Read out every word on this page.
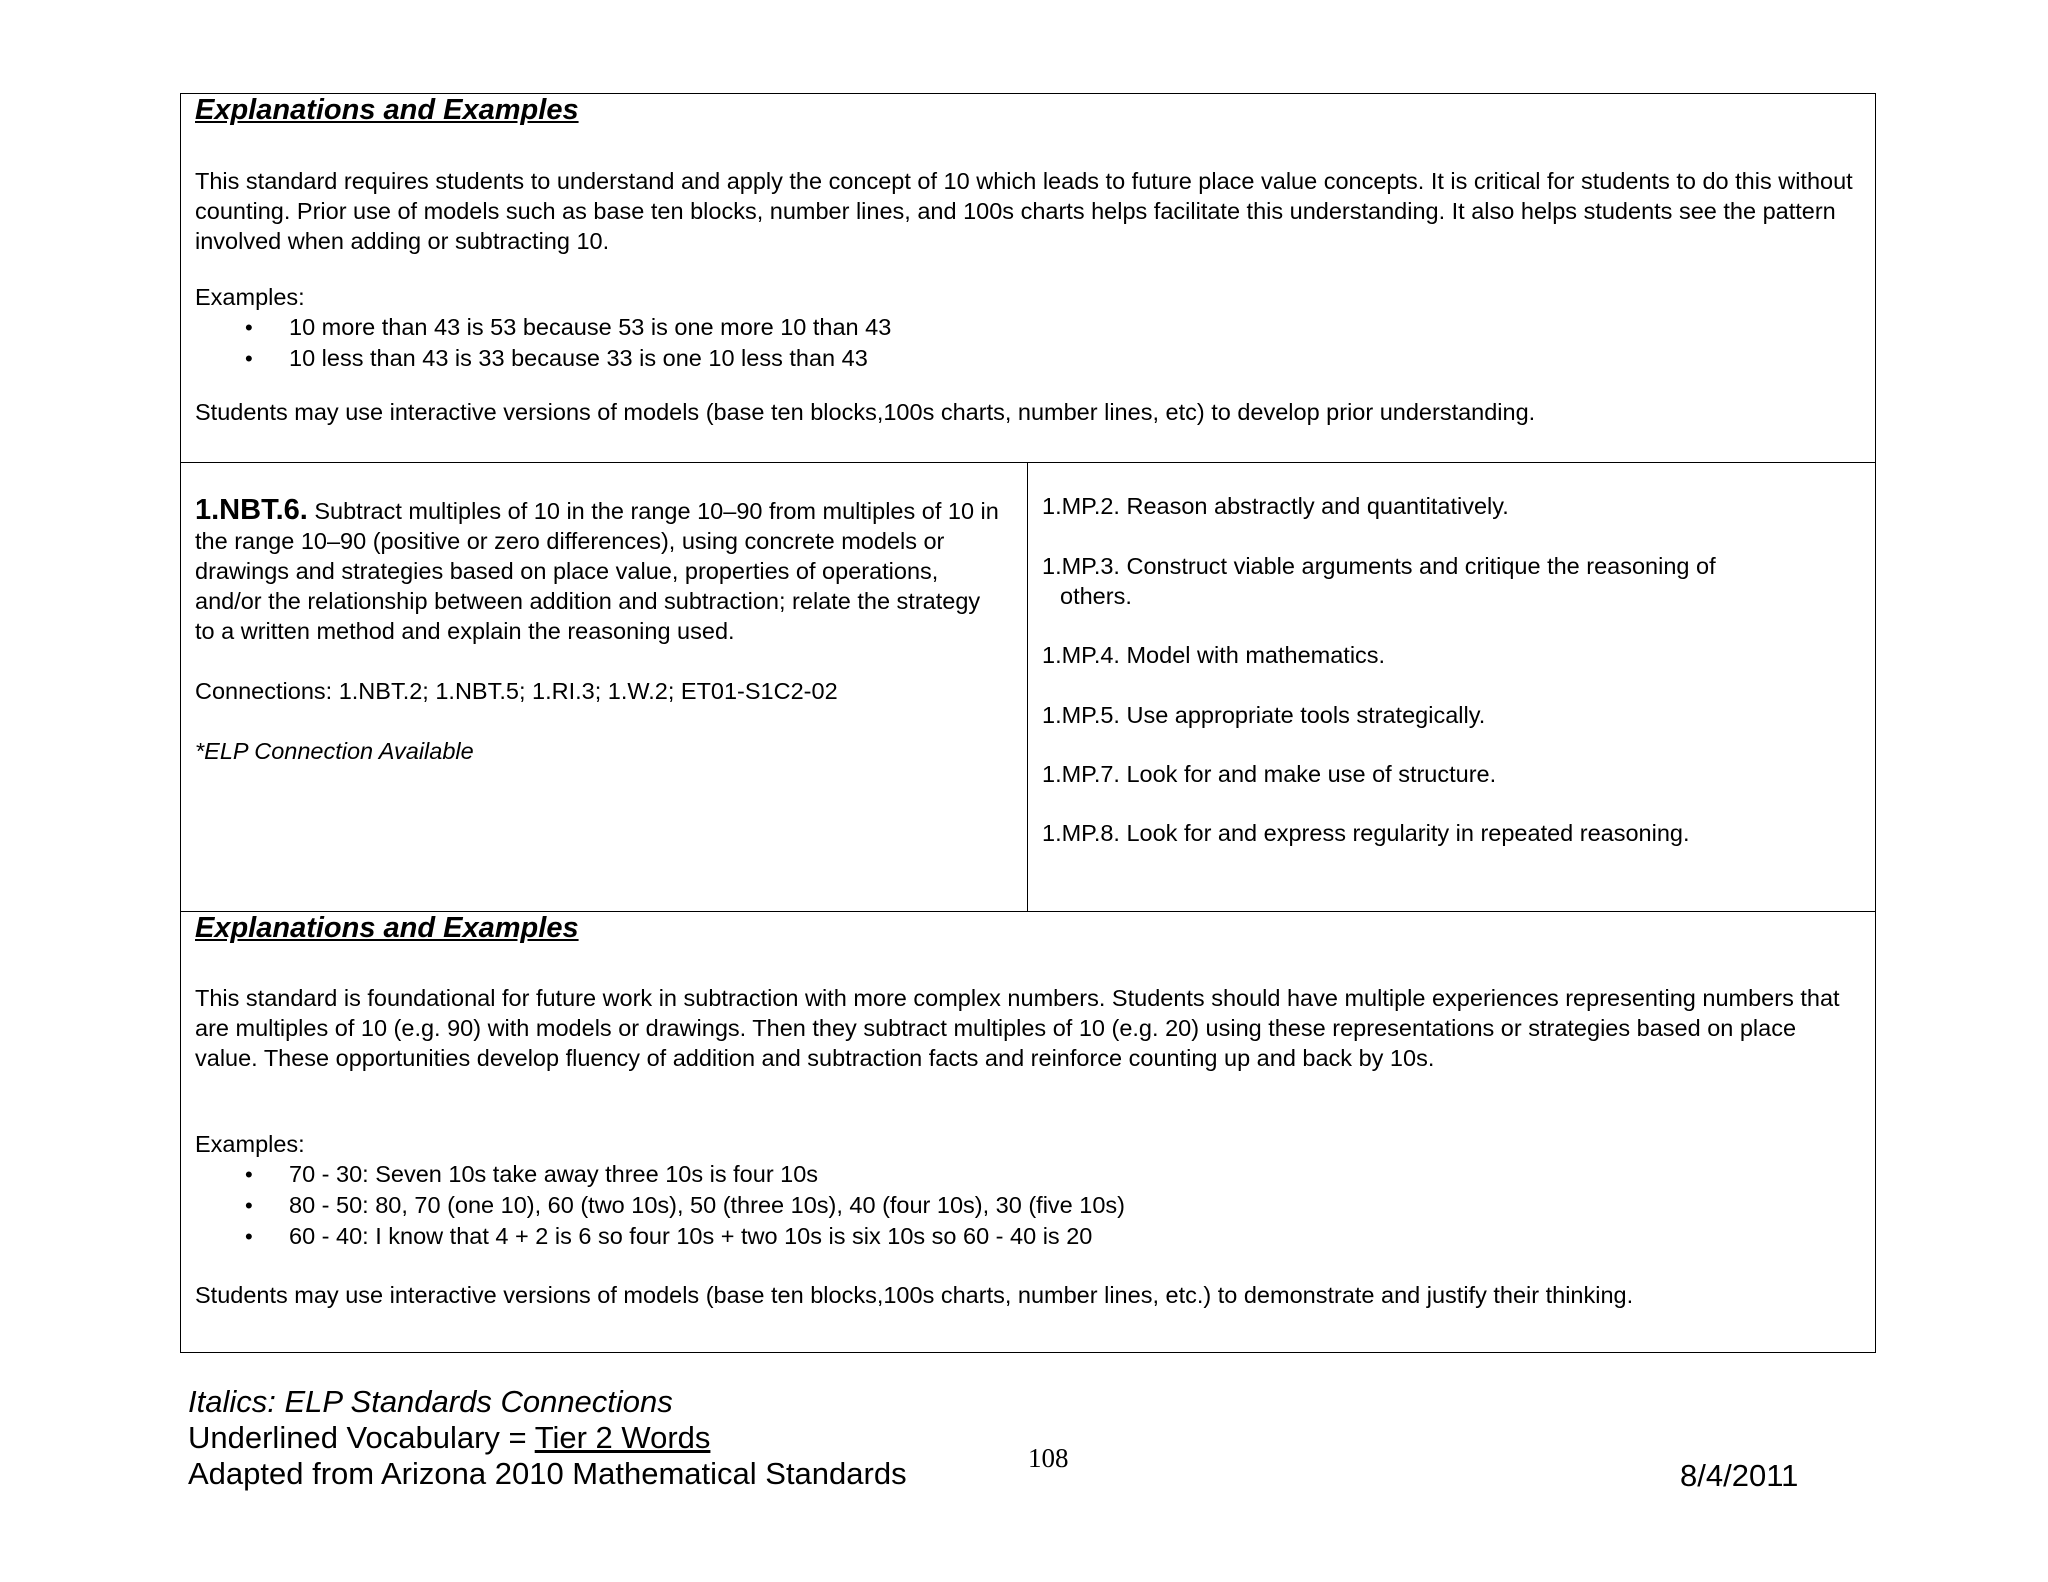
Explanations and Examples
This standard requires students to understand and apply the concept of 10 which leads to future place value concepts. It is critical for students to do this without counting. Prior use of models such as base ten blocks, number lines, and 100s charts helps facilitate this understanding. It also helps students see the pattern involved when adding or subtracting 10.
Examples:
• 10 more than 43 is 53 because 53 is one more 10 than 43
• 10 less than 43 is 33 because 33 is one 10 less than 43
Students may use interactive versions of models (base ten blocks,100s charts, number lines, etc) to develop prior understanding.
1.NBT.6. Subtract multiples of 10 in the range 10–90 from multiples of 10 in the range 10–90 (positive or zero differences), using concrete models or drawings and strategies based on place value, properties of operations, and/or the relationship between addition and subtraction; relate the strategy to a written method and explain the reasoning used.
Connections: 1.NBT.2; 1.NBT.5; 1.RI.3; 1.W.2; ET01-S1C2-02
*ELP Connection Available
1.MP.2. Reason abstractly and quantitatively.
1.MP.3. Construct viable arguments and critique the reasoning of
others.
1.MP.4. Model with mathematics.
1.MP.5. Use appropriate tools strategically.
1.MP.7. Look for and make use of structure.
1.MP.8. Look for and express regularity in repeated reasoning.
Explanations and Examples
This standard is foundational for future work in subtraction with more complex numbers. Students should have multiple experiences representing numbers that are multiples of 10 (e.g. 90) with models or drawings. Then they subtract multiples of 10 (e.g. 20) using these representations or strategies based on place value. These opportunities develop fluency of addition and subtraction facts and reinforce counting up and back by 10s.
Examples:
• 70 - 30: Seven 10s take away three 10s is four 10s
• 80 - 50: 80, 70 (one 10), 60 (two 10s), 50 (three 10s), 40 (four 10s), 30 (five 10s)
• 60 - 40: I know that 4 + 2 is 6 so four 10s + two 10s is six 10s so 60 - 40 is 20
Students may use interactive versions of models (base ten blocks,100s charts, number lines, etc.) to demonstrate and justify their thinking.
Italics: ELP Standards Connections
Underlined Vocabulary = Tier 2 Words
Adapted from Arizona 2010 Mathematical Standards	108	8/4/2011
